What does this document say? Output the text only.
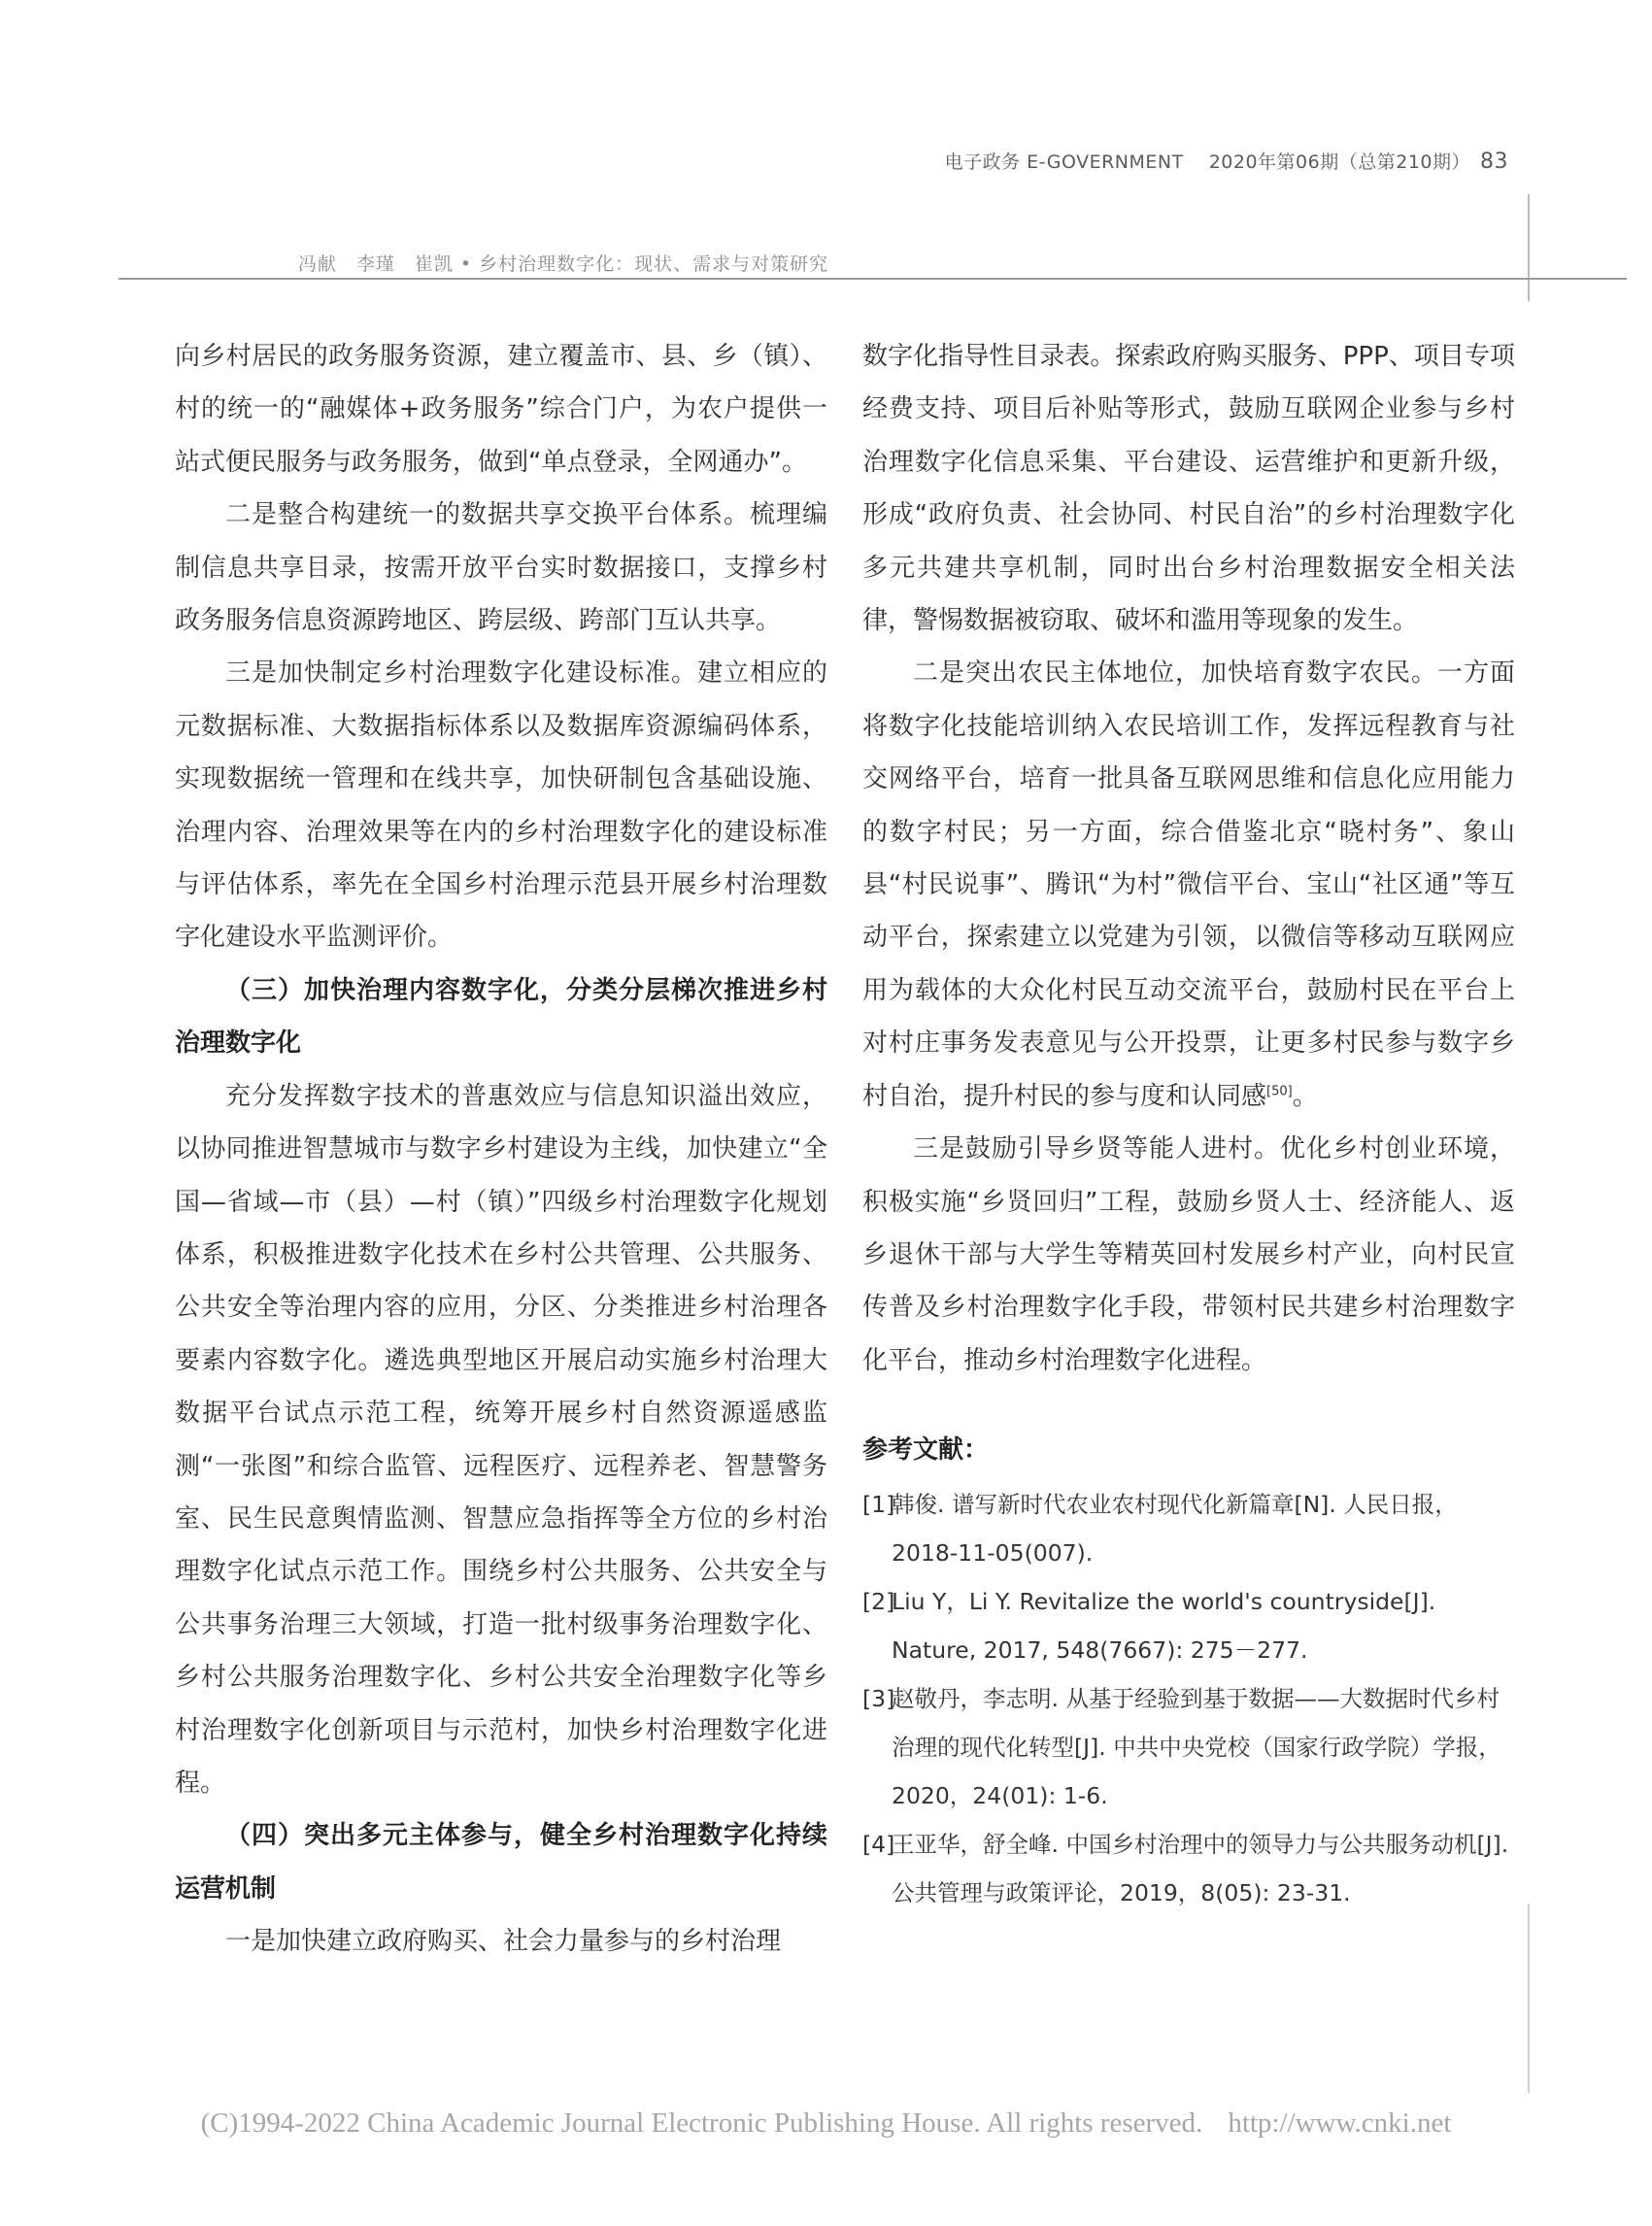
电子政务 E-GOVERNMENT 2020年第06期（总第210期） 83
冯献　李瑾　崔凯 • 乡村治理数字化：现状、需求与对策研究

向乡村居民的政务服务资源，建立覆盖市、县、乡（镇）、村的统一的“融媒体+政务服务”综合门户，为农户提供一站式便民服务与政务服务，做到“单点登录，全网通办”。

二是整合构建统一的数据共享交换平台体系。梳理编制信息共享目录，按需开放平台实时数据接口，支撑乡村政务服务信息资源跨地区、跨层级、跨部门互认共享。

三是加快制定乡村治理数字化建设标准。建立相应的元数据标准、大数据指标体系以及数据库资源编码体系，实现数据统一管理和在线共享，加快研制包含基础设施、治理内容、治理效果等在内的乡村治理数字化的建设标准与评估体系，率先在全国乡村治理示范县开展乡村治理数字化建设水平监测评价。

（三）加快治理内容数字化，分类分层梯次推进乡村治理数字化

充分发挥数字技术的普惠效应与信息知识溢出效应，以协同推进智慧城市与数字乡村建设为主线，加快建立“全国—省域—市（县）—村（镇）”四级乡村治理数字化规划体系，积极推进数字化技术在乡村公共管理、公共服务、公共安全等治理内容的应用，分区、分类推进乡村治理各要素内容数字化。遴选典型地区开展启动实施乡村治理大数据平台试点示范工程，统筹开展乡村自然资源遥感监测“一张图”和综合监管、远程医疗、远程养老、智慧警务室、民生民意舆情监测、智慧应急指挥等全方位的乡村治理数字化试点示范工作。围绕乡村公共服务、公共安全与公共事务治理三大领域，打造一批村级事务治理数字化、乡村公共服务治理数字化、乡村公共安全治理数字化等乡村治理数字化创新项目与示范村，加快乡村治理数字化进程。

（四）突出多元主体参与，健全乡村治理数字化持续运营机制

一是加快建立政府购买、社会力量参与的乡村治理

数字化指导性目录表。探索政府购买服务、PPP、项目专项经费支持、项目后补贴等形式，鼓励互联网企业参与乡村治理数字化信息采集、平台建设、运营维护和更新升级，形成“政府负责、社会协同、村民自治”的乡村治理数字化多元共建共享机制，同时出台乡村治理数据安全相关法律，警惕数据被窃取、破坏和滥用等现象的发生。

二是突出农民主体地位，加快培育数字农民。一方面将数字化技能培训纳入农民培训工作，发挥远程教育与社交网络平台，培育一批具备互联网思维和信息化应用能力的数字村民；另一方面，综合借鉴北京“晓村务”、象山县“村民说事”、腾讯“为村”微信平台、宝山“社区通”等互动平台，探索建立以党建为引领，以微信等移动互联网应用为载体的大众化村民互动交流平台，鼓励村民在平台上对村庄事务发表意见与公开投票，让更多村民参与数字乡村自治，提升村民的参与度和认同感[50]。

三是鼓励引导乡贤等能人进村。优化乡村创业环境，积极实施“乡贤回归”工程，鼓励乡贤人士、经济能人、返乡退休干部与大学生等精英回村发展乡村产业，向村民宣传普及乡村治理数字化手段，带领村民共建乡村治理数字化平台，推动乡村治理数字化进程。

参考文献：
[1]
韩俊. 谱写新时代农业农村现代化新篇章[N]. 人民日报，2018-11-05(007).
[2]
Liu Y，Li Y. Revitalize the world's countryside[J]. Nature, 2017, 548(7667): 275－277.
[3]
赵敬丹，李志明. 从基于经验到基于数据——大数据时代乡村治理的现代化转型[J]. 中共中央党校（国家行政学院）学报，2020，24(01): 1-6.
[4]
王亚华，舒全峰. 中国乡村治理中的领导力与公共服务动机[J]. 公共管理与政策评论，2019，8(05): 23-31.
(C)1994-2022 China Academic Journal Electronic Publishing House. All rights reserved. http://www.cnki.net
